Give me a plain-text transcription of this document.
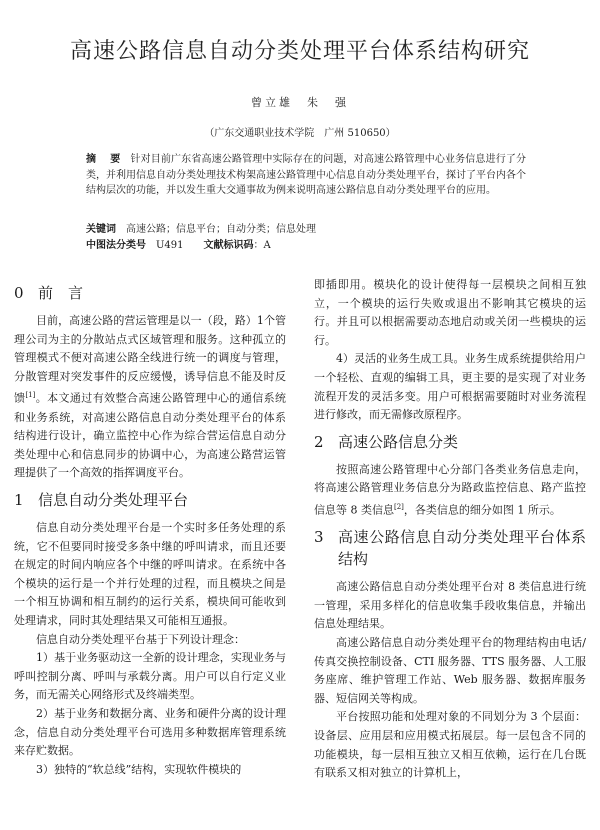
高速公路信息自动分类处理平台体系结构研究
曾立雄　朱　强
（广东交通职业技术学院　广州 510650）
摘　要 针对目前广东省高速公路管理中实际存在的问题，对高速公路管理中心业务信息进行了分类，并利用信息自动分类处理技术构架高速公路管理中心信息自动分类处理平台，探讨了平台内各个结构层次的功能，并以发生重大交通事故为例来说明高速公路信息自动分类处理平台的应用。
关键词 高速公路；信息平台；自动分类；信息处理
中图法分类号　 U491 文献标识码：A
0 前　言

目前，高速公路的营运管理是以一（段，路）1个管理公司为主的分散站点式区域管理和服务。这种孤立的管理模式不便对高速公路全线进行统一的调度与管理，分散管理对突发事件的反应缓慢，诱导信息不能及时反馈[1]。本文通过有效整合高速公路管理中心的通信系统和业务系统，对高速公路信息自动分类处理平台的体系结构进行设计，确立监控中心作为综合营运信息自动分类处理中心和信息同步的协调中心，为高速公路营运管理提供了一个高效的指挥调度平台。

1 信息自动分类处理平台

信息自动分类处理平台是一个实时多任务处理的系统，它不但要同时接受多条中继的呼叫请求，而且还要在规定的时间内响应各个中继的呼叫请求。在系统中各个模块的运行是一个并行处理的过程，而且模块之间是一个相互协调和相互制约的运行关系，模块间可能收到处理请求，同时其处理结果又可能相互通报。

信息自动分类处理平台基于下列设计理念：

1）基于业务驱动这一全新的设计理念，实现业务与呼叫控制分离、呼叫与承载分离。用户可以自行定义业务，而无需关心网络形式及终端类型。

2）基于业务和数据分离、业务和硬件分离的设计理念，信息自动分类处理平台可选用多种数据库管理系统来存贮数据。

3）独特的“软总线”结构，实现软件模块的

即插即用。模块化的设计使得每一层模块之间相互独立，一个模块的运行失败或退出不影响其它模块的运行。并且可以根据需要动态地启动或关闭一些模块的运行。

4）灵活的业务生成工具。业务生成系统提供给用户一个轻松、直观的编辑工具，更主要的是实现了对业务流程开发的灵活多变。用户可根据需要随时对业务流程进行修改，而无需修改原程序。

2 高速公路信息分类

按照高速公路管理中心分部门各类业务信息走向，将高速公路管理业务信息分为路政监控信息、路产监控信息等 8 类信息[2]，各类信息的细分如图 1 所示。

3 高速公路信息自动分类处理平台体系结构

高速公路信息自动分类处理平台对 8 类信息进行统一管理，采用多样化的信息收集手段收集信息，并输出信息处理结果。

高速公路信息自动分类处理平台的物理结构由电话/传真交换控制设备、CTI 服务器、TTS 服务器、人工服务座席、维护管理工作站、Web 服务器、数据库服务器、短信网关等构成。

平台按照功能和处理对象的不同划分为 3 个层面：设备层、应用层和应用模式拓展层。每一层包含不同的功能模块，每一层相互独立又相互依赖，运行在几台既有联系又相对独立的计算机上，
